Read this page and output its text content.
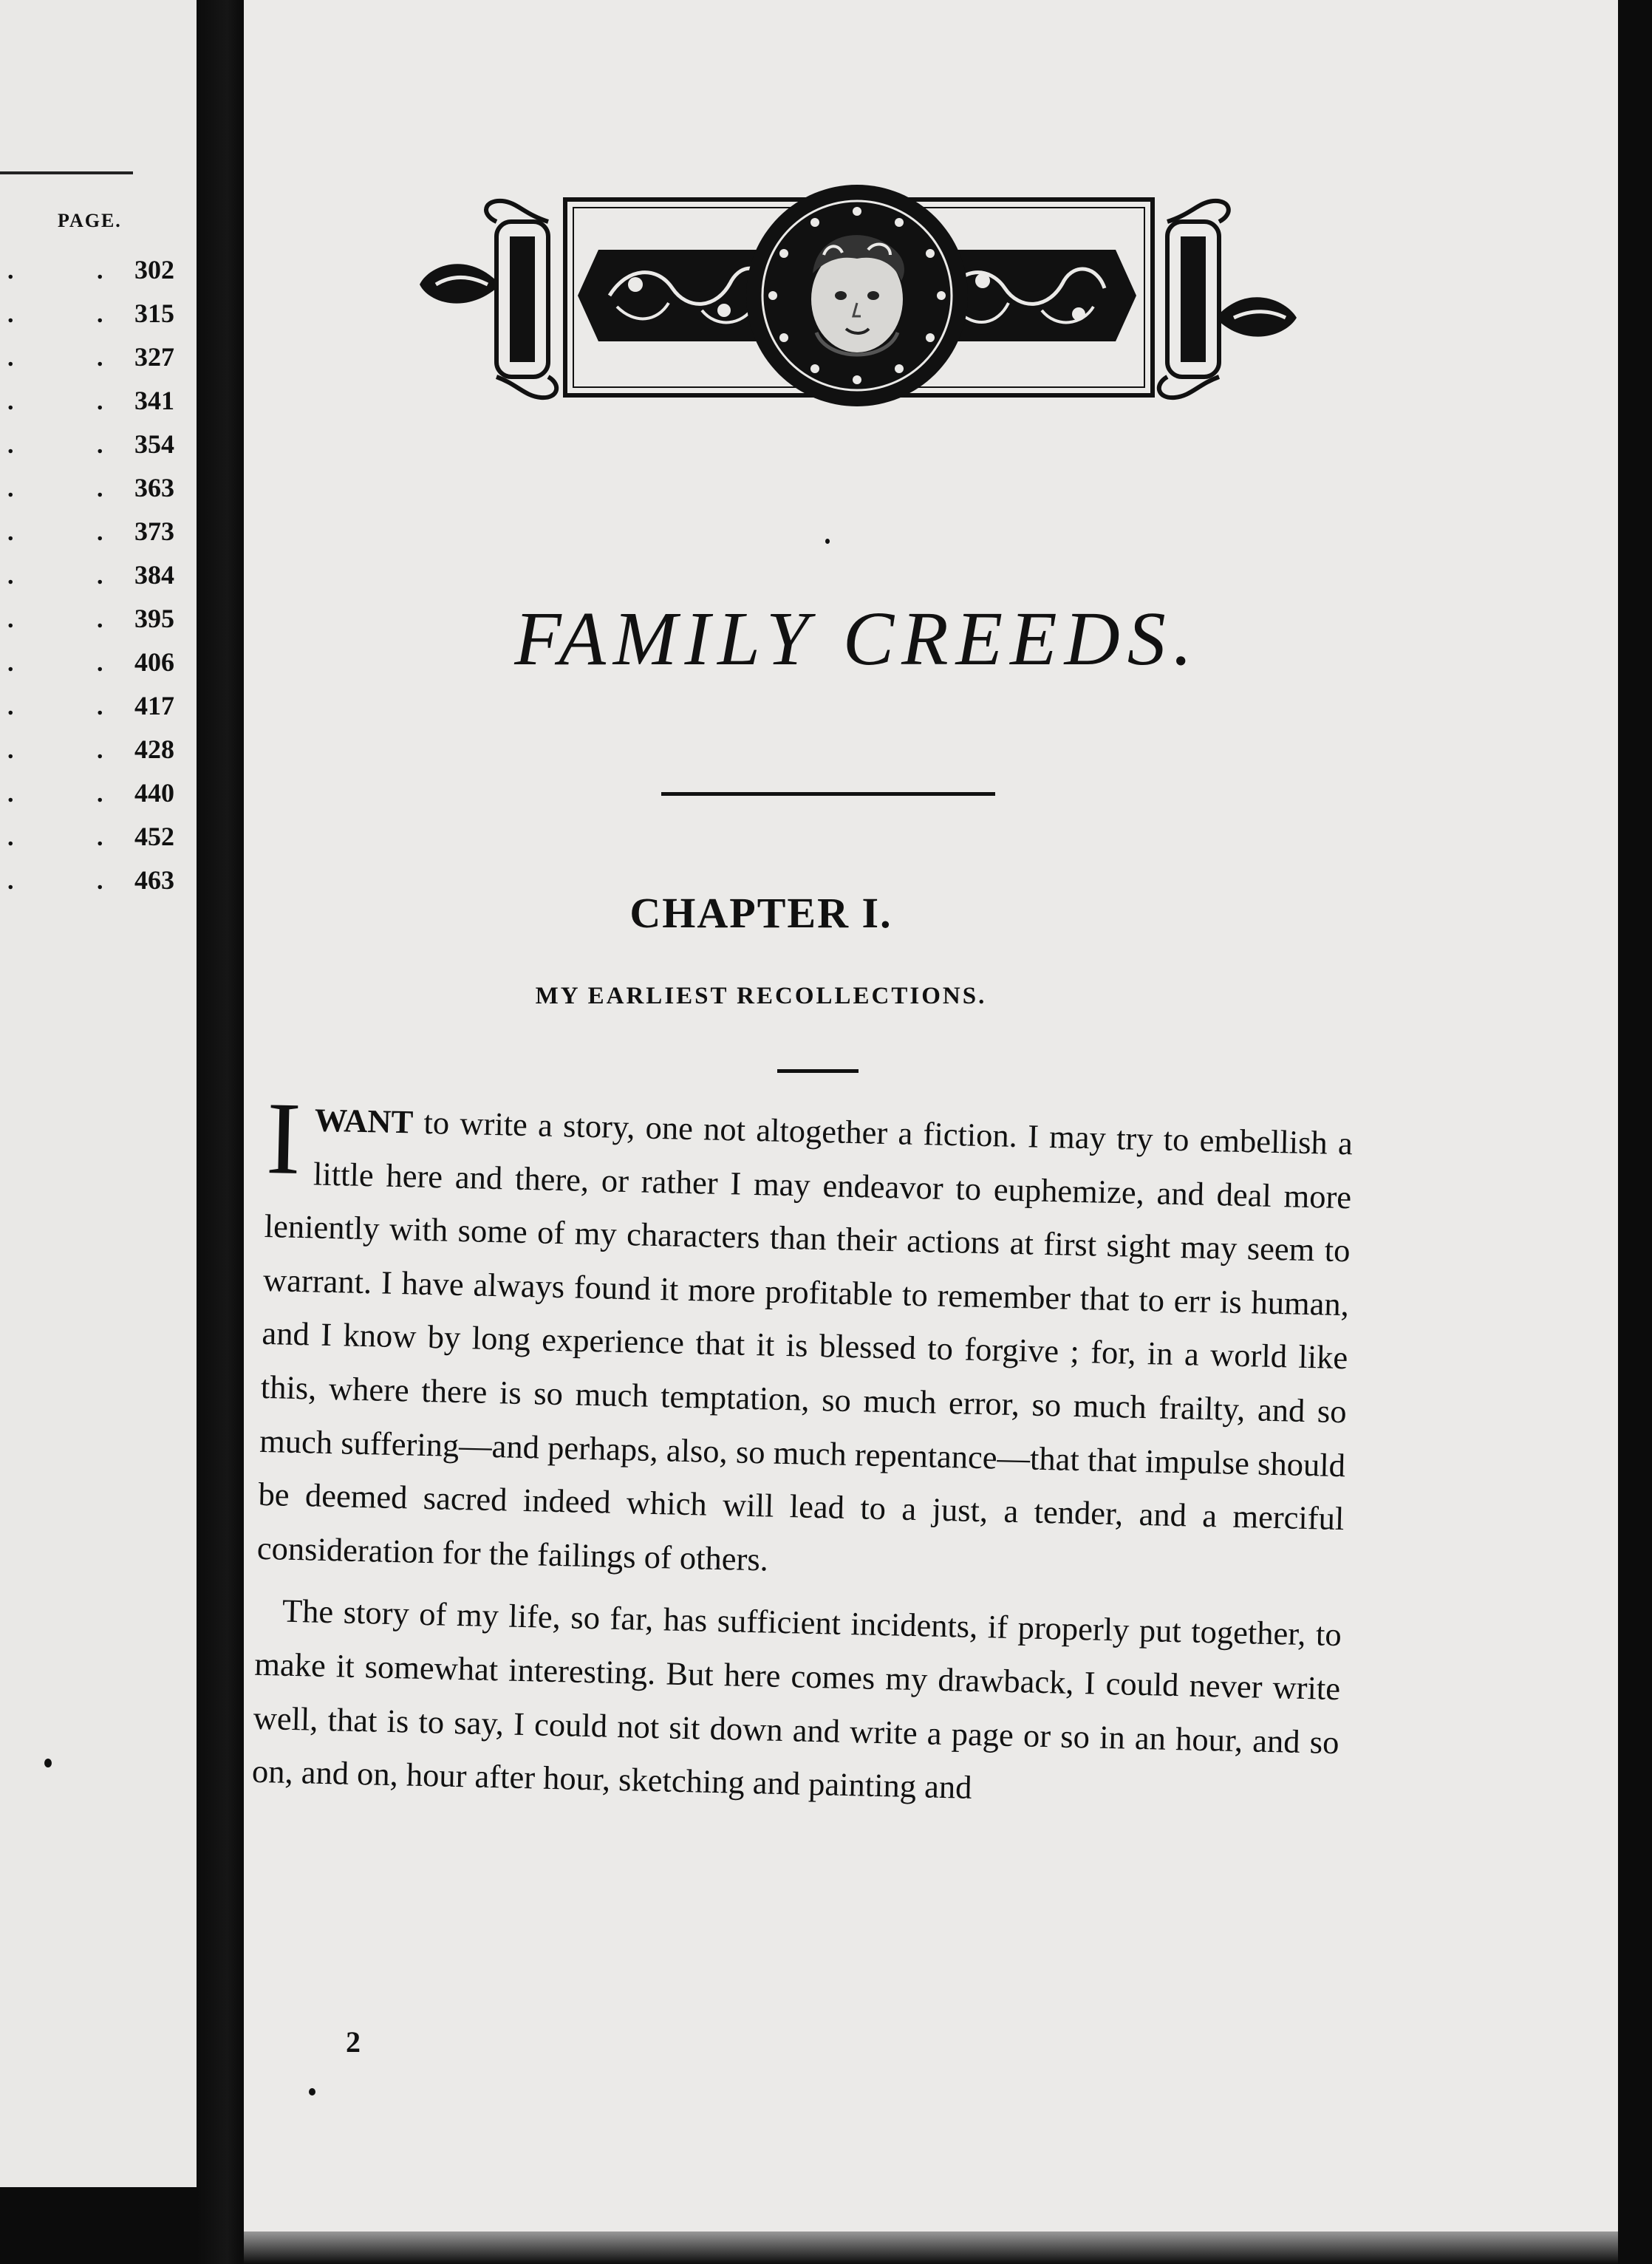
PAGE.
. .
302
. .
315
. .
327
. .
341
. .
354
. .
363
. .
373
. .
384
. .
395
. .
406
. .
417
. .
428
. .
440
. .
452
. .
463
FAMILY CREEDS.
CHAPTER I.
MY EARLIEST RECOLLECTIONS.

IWANT to write a story, one not altogether a fiction. I may try to embellish a little here and there, or rather I may endeavor to euphemize, and deal more leniently with some of my characters than their actions at first sight may seem to warrant. I have always found it more profitable to remember that to err is human, and I know by long experience that it is blessed to forgive ; for, in a world like this, where there is so much temptation, so much error, so much frailty, and so much suffering—and perhaps, also, so much repentance—that that impulse should be deemed sacred indeed which will lead to a just, a tender, and a merciful consideration for the failings of others.

The story of my life, so far, has sufficient incidents, if properly put together, to make it somewhat interesting. But here comes my drawback, I could never write well, that is to say, I could not sit down and write a page or so in an hour, and so on, and on, hour after hour, sketching and painting and

2
